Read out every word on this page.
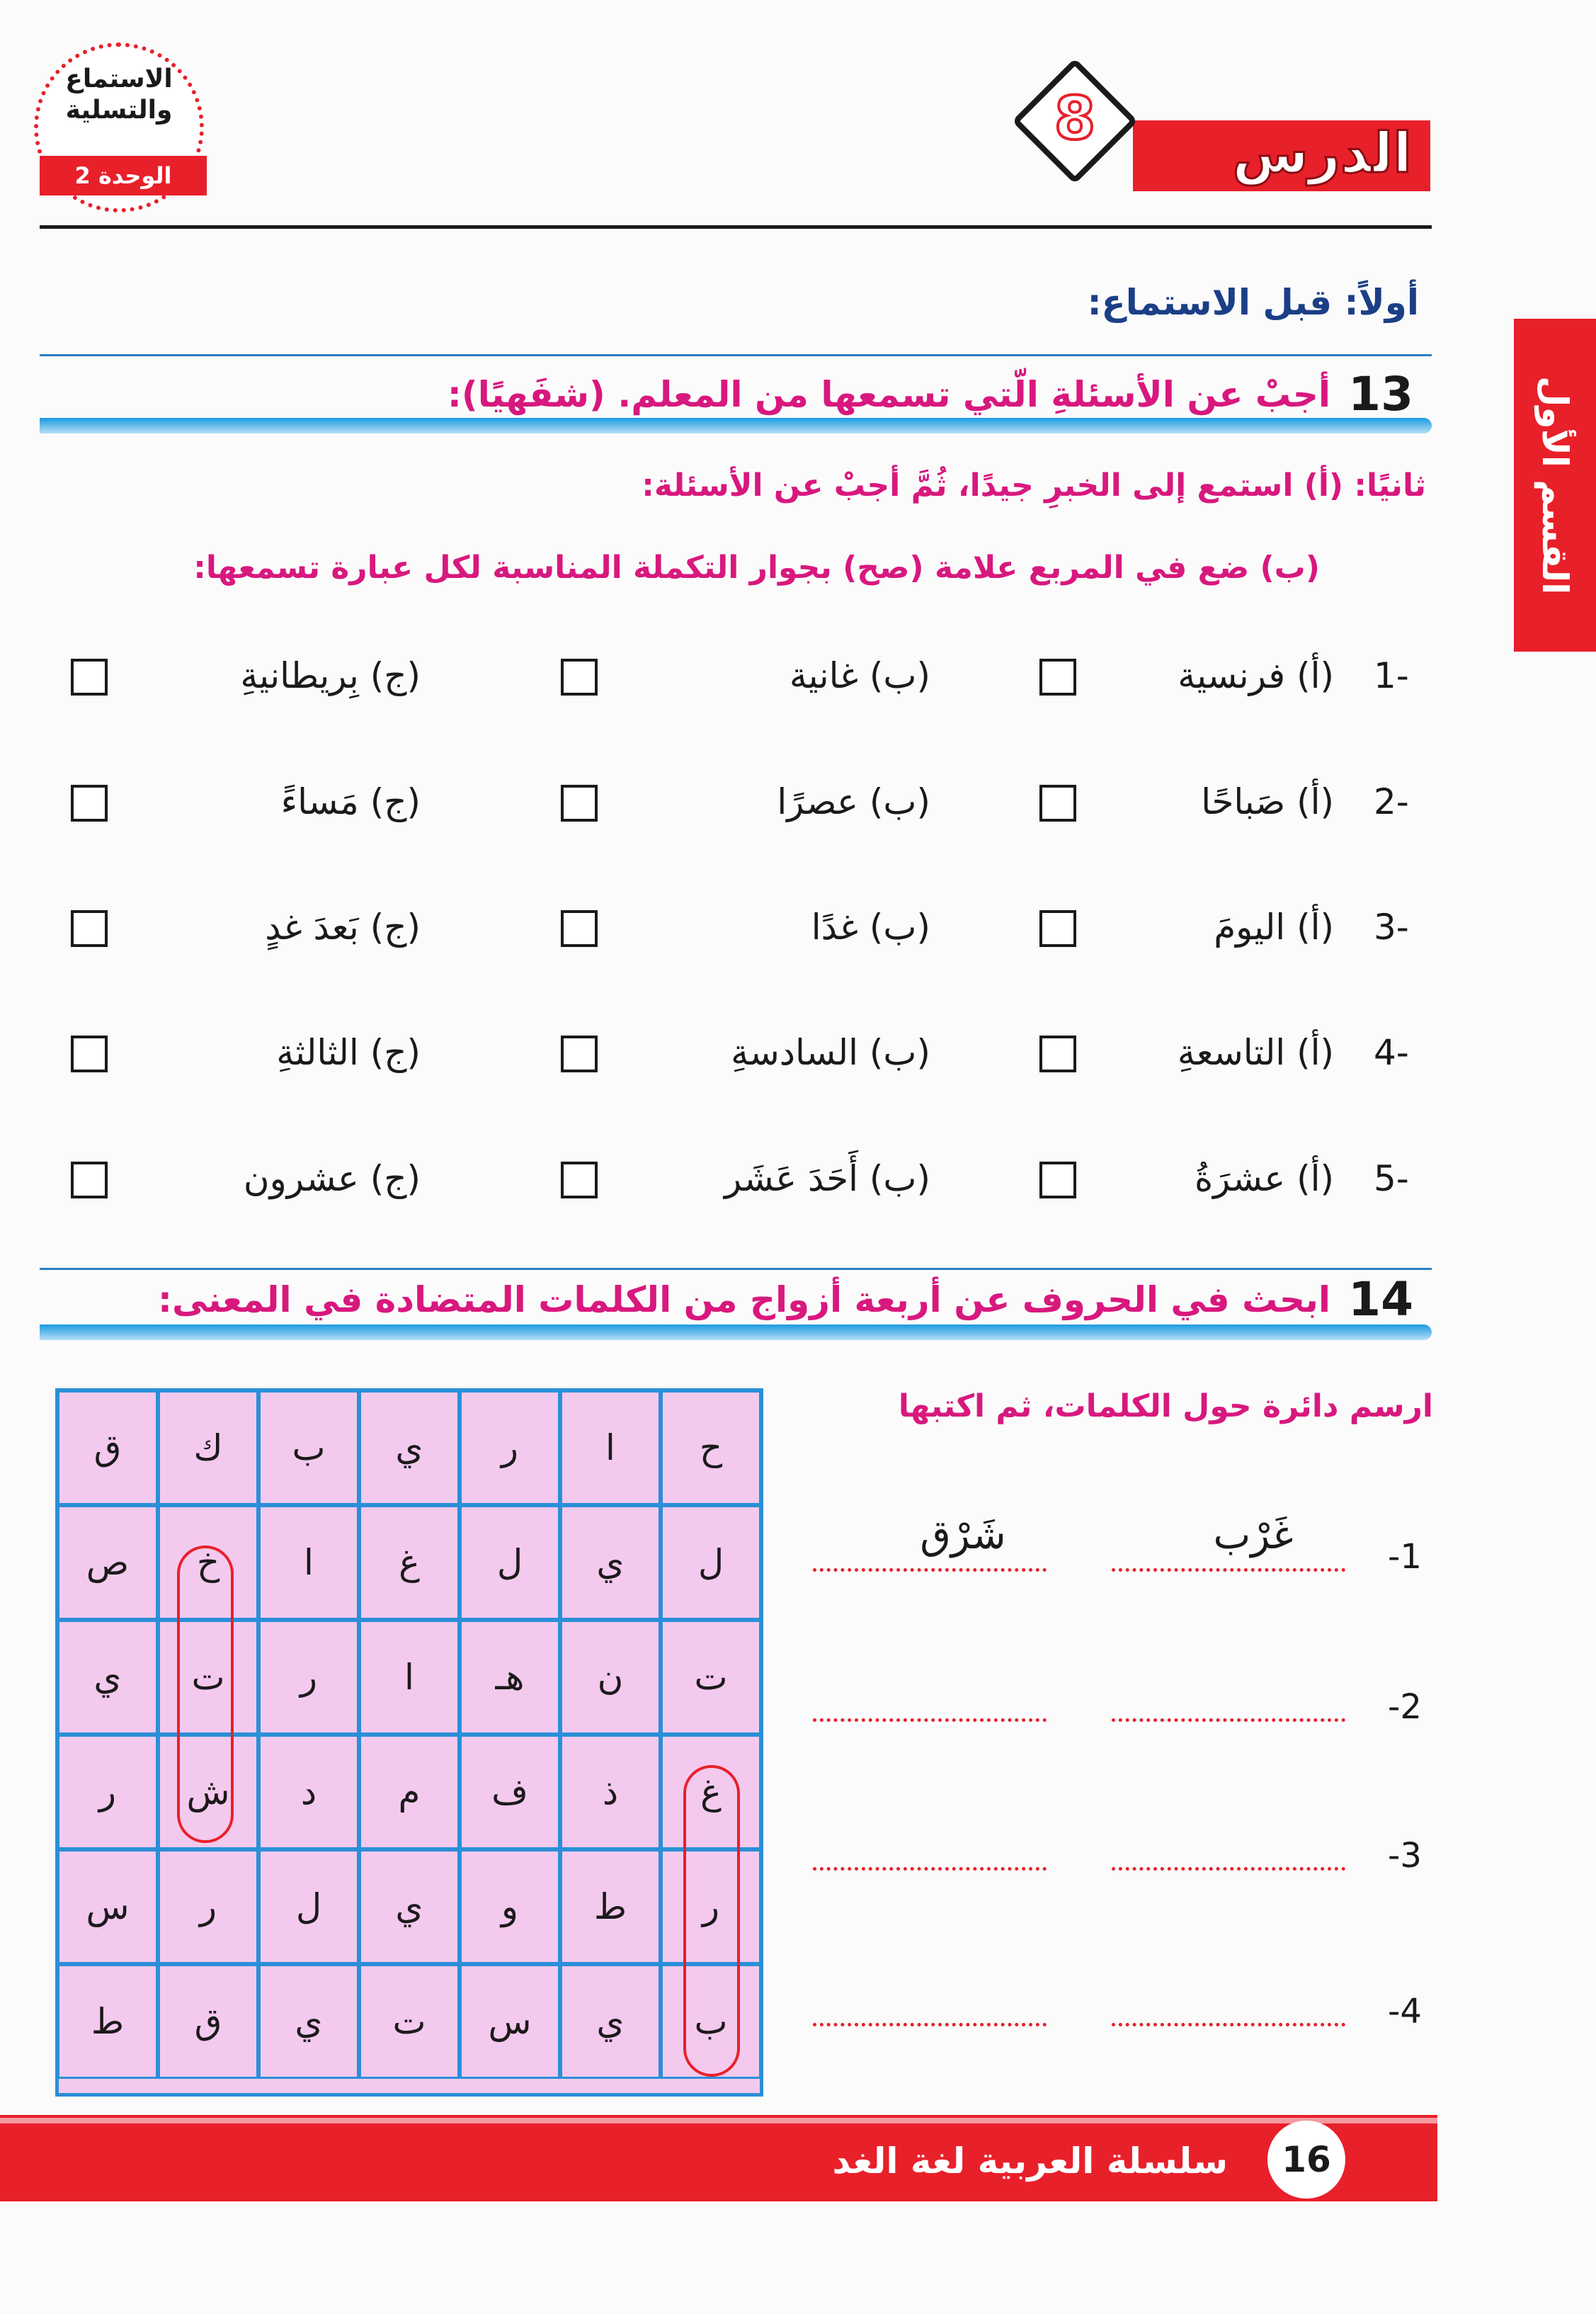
الدرس
8
الاستماع
والتسلية
الوحدة 2
القسم الأول
أولاً: قبل الاستماع:
13
أجبْ عن الأسئلةِ الّتي تسمعها من المعلم. (شفَهيًا):
ثانيًا: (أ) استمع إلى الخبرِ جيدًا، ثُمَّ أجبْ عن الأسئلة:
(ب) ضع في المربع علامة (صح) بجوار التكملة المناسبة لكل عبارة تسمعها:
1-
(أ) فرنسية
(ب) غانية
(ج) بِريطانيةِ
2-
(أ) صَباحًا
(ب) عصرًا
(ج) مَساءً
3-
(أ) اليومَ
(ب) غدًا
(ج) بَعدَ غدٍ
4-
(أ) التاسعةِ
(ب) السادسةِ
(ج) الثالثةِ
5-
(أ) عشرَةُ
(ب) أَحَدَ عَشَر
(ج) عشرون
14
ابحث في الحروف عن أربعة أزواج من الكلمات المتضادة في المعنى:
ارسم دائرة حول الكلمات، ثم اكتبها
ح
ا
ر
ي
ب
ك
ق
ل
ي
ل
غ
ا
خ
ص
ت
ن
هـ
ا
ر
ت
ي
غ
ذ
ف
م
د
ش
ر
ر
ط
و
ي
ل
ر
س
ب
ي
س
ت
ي
ق
ط
-1
غَرْب
شَرْق
-2
-3
-4
16
سلسلة العربية لغة الغد
